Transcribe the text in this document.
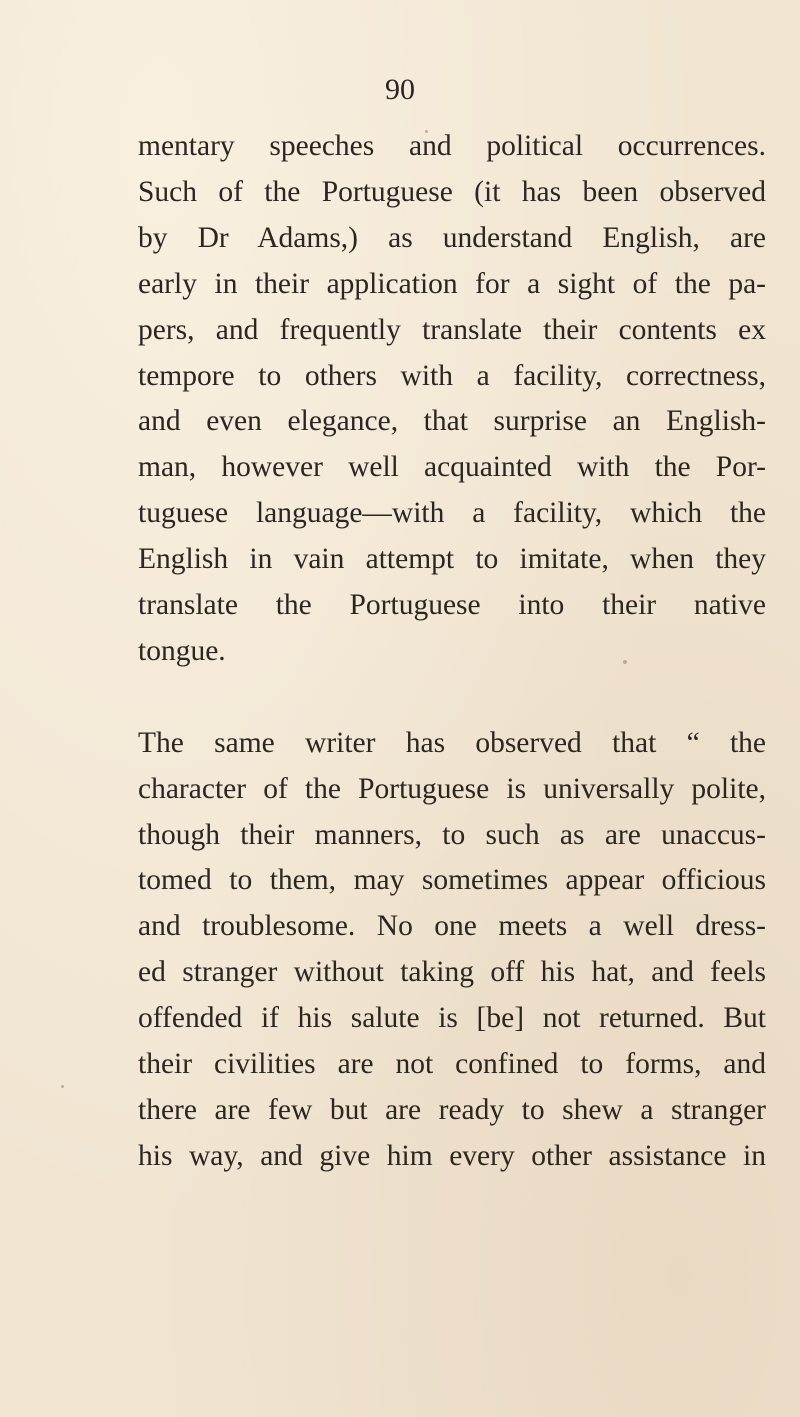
90

mentary speeches and political occurrences.
Such of the Portuguese (it has been observed
by Dr Adams,) as understand English, are
early in their application for a sight of the pa-
pers, and frequently translate their contents ex
tempore to others with a facility, correctness,
and even elegance, that surprise an English-
man, however well acquainted with the Por-
tuguese language—with a facility, which the
English in vain attempt to imitate, when they
translate the Portuguese into their native
tongue.

The same writer has observed that “ the
character of the Portuguese is universally polite,
though their manners, to such as are unaccus-
tomed to them, may sometimes appear officious
and troublesome. No one meets a well dress-
ed stranger without taking off his hat, and feels
offended if his salute is [be] not returned. But
their civilities are not confined to forms, and
there are few but are ready to shew a stranger
his way, and give him every other assistance in
